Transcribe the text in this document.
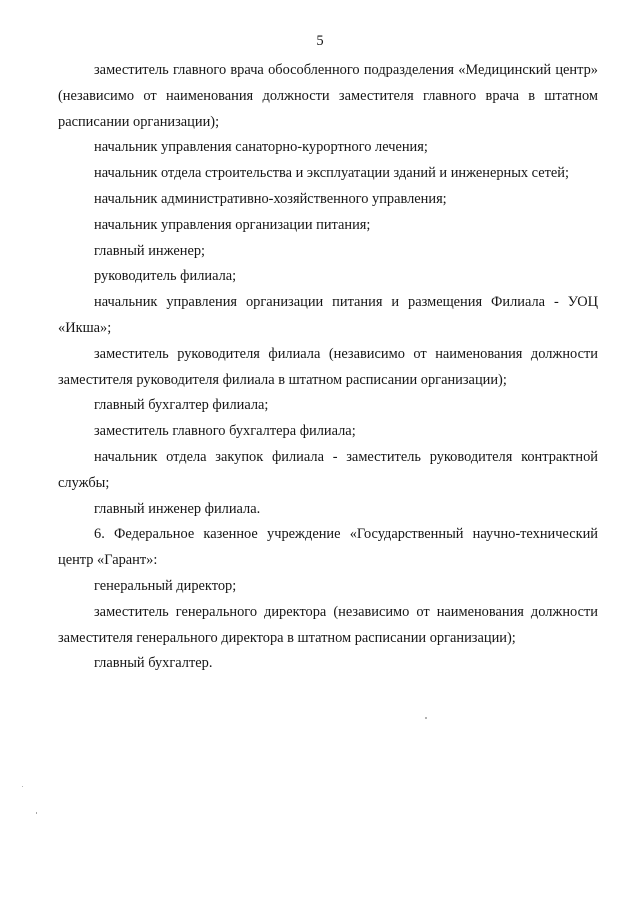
5

заместитель главного врача обособленного подразделения «Медицинский центр» (независимо от наименования должности заместителя главного врача в штатном расписании организации);

начальник управления санаторно-курортного лечения;

начальник отдела строительства и эксплуатации зданий и инженерных сетей;

начальник административно-хозяйственного управления;

начальник управления организации питания;

главный инженер;

руководитель филиала;

начальник управления организации питания и размещения Филиала - УОЦ «Икша»;

заместитель руководителя филиала (независимо от наименования должности заместителя руководителя филиала в штатном расписании организации);

главный бухгалтер филиала;

заместитель главного бухгалтера филиала;

начальник отдела закупок филиала - заместитель руководителя контрактной службы;

главный инженер филиала.

6. Федеральное казенное учреждение «Государственный научно-технический центр «Гарант»:

генеральный директор;

заместитель генерального директора (независимо от наименования должности заместителя генерального директора в штатном расписании организации);

главный бухгалтер.
